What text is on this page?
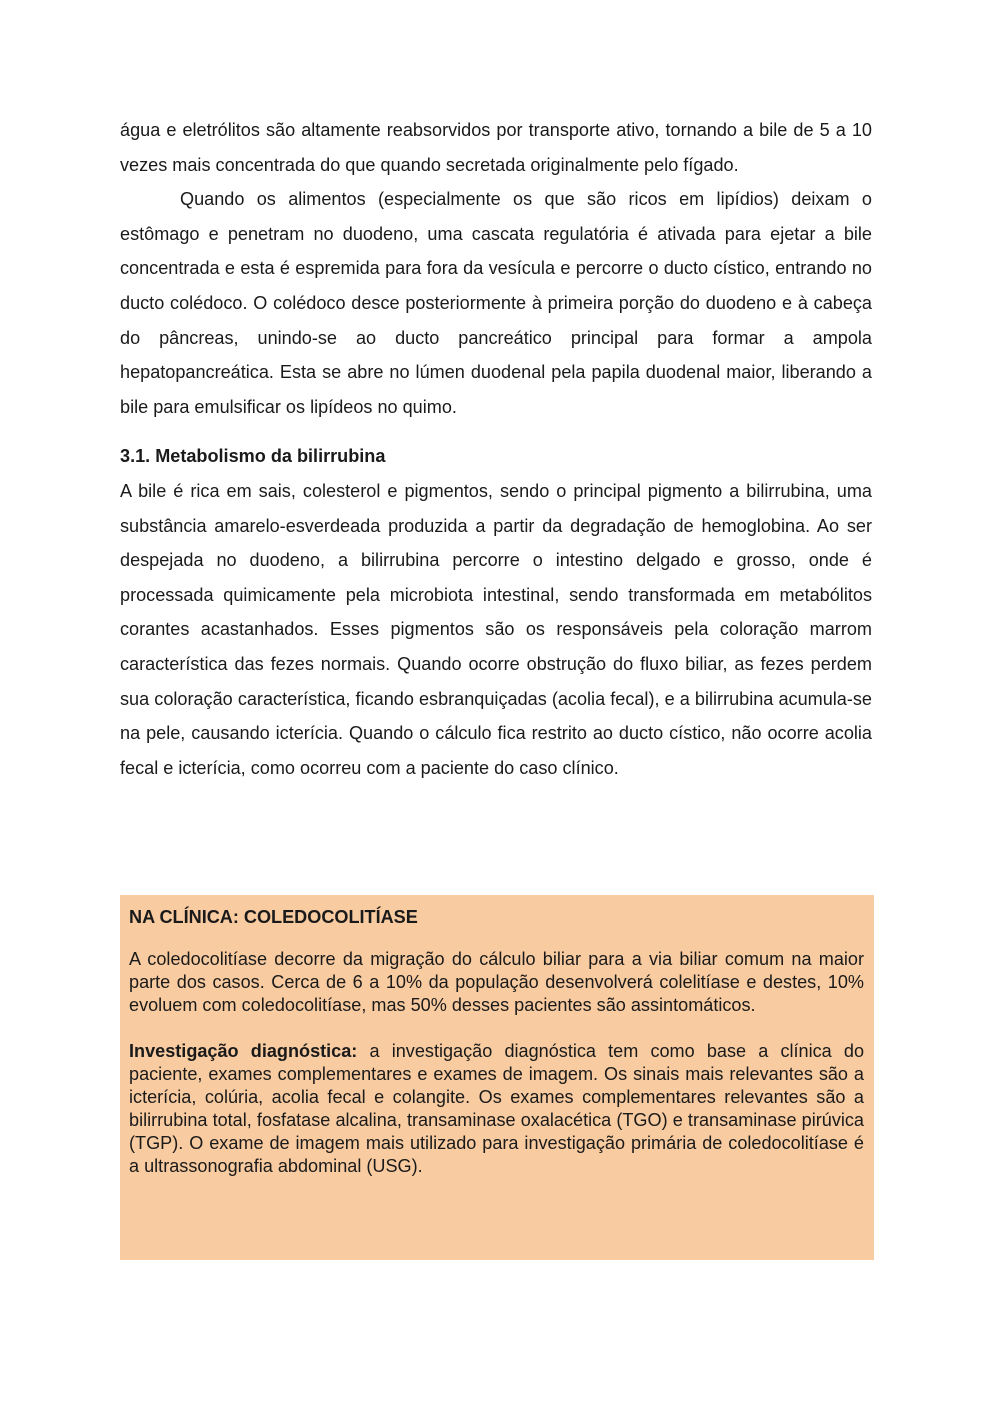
água e eletrólitos são altamente reabsorvidos por transporte ativo, tornando a bile de 5 a 10 vezes mais concentrada do que quando secretada originalmente pelo fígado.

Quando os alimentos (especialmente os que são ricos em lipídios) deixam o estômago e penetram no duodeno, uma cascata regulatória é ativada para ejetar a bile concentrada e esta é espremida para fora da vesícula e percorre o ducto cístico, entrando no ducto colédoco. O colédoco desce posteriormente à primeira porção do duodeno e à cabeça do pâncreas, unindo-se ao ducto pancreático principal para formar a ampola hepatopancreática. Esta se abre no lúmen duodenal pela papila duodenal maior, liberando a bile para emulsificar os lipídeos no quimo.

3.1. Metabolismo da bilirrubina

A bile é rica em sais, colesterol e pigmentos, sendo o principal pigmento a bilirrubina, uma substância amarelo-esverdeada produzida a partir da degradação de hemoglobina. Ao ser despejada no duodeno, a bilirrubina percorre o intestino delgado e grosso, onde é processada quimicamente pela microbiota intestinal, sendo transformada em metabólitos corantes acastanhados. Esses pigmentos são os responsáveis pela coloração marrom característica das fezes normais. Quando ocorre obstrução do fluxo biliar, as fezes perdem sua coloração característica, ficando esbranquiçadas (acolia fecal), e a bilirrubina acumula-se na pele, causando icterícia. Quando o cálculo fica restrito ao ducto cístico, não ocorre acolia fecal e icterícia, como ocorreu com a paciente do caso clínico.

NA CLÍNICA: COLEDOCOLITÍASE

A coledocolitíase decorre da migração do cálculo biliar para a via biliar comum na maior parte dos casos. Cerca de 6 a 10% da população desenvolverá colelitíase e destes, 10% evoluem com coledocolitíase, mas 50% desses pacientes são assintomáticos.

Investigação diagnóstica: a investigação diagnóstica tem como base a clínica do paciente, exames complementares e exames de imagem. Os sinais mais relevantes são a icterícia, colúria, acolia fecal e colangite. Os exames complementares relevantes são a bilirrubina total, fosfatase alcalina, transaminase oxalacética (TGO) e transaminase pirúvica (TGP). O exame de imagem mais utilizado para investigação primária de coledocolitíase é a ultrassonografia abdominal (USG).
